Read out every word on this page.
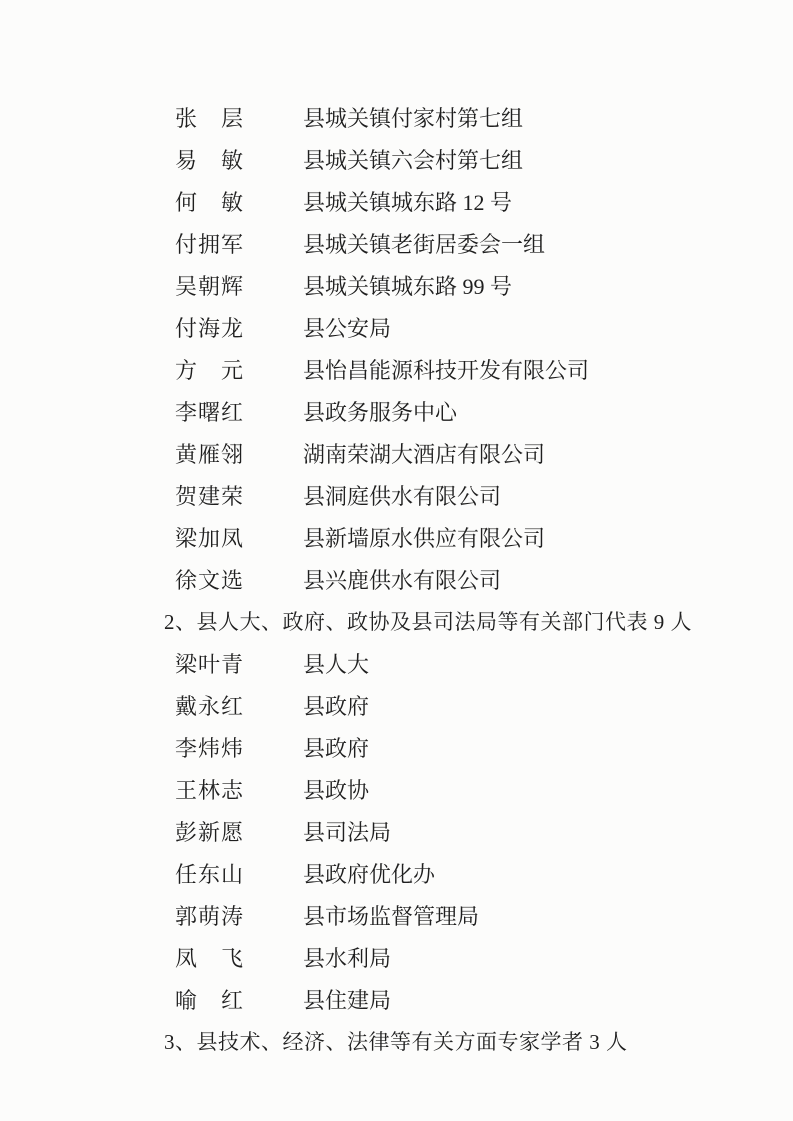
张　层	县城关镇付家村第七组
易　敏	县城关镇六会村第七组
何　敏	县城关镇城东路 12 号
付拥军	县城关镇老街居委会一组
吴朝辉	县城关镇城东路 99 号
付海龙	县公安局
方　元	县怡昌能源科技开发有限公司
李曙红	县政务服务中心
黄雁翎	湖南荣湖大酒店有限公司
贺建荣	县洞庭供水有限公司
梁加凤	县新墙原水供应有限公司
徐文选	县兴鹿供水有限公司
2、县人大、政府、政协及县司法局等有关部门代表 9 人
梁叶青	县人大
戴永红	县政府
李炜炜	县政府
王林志	县政协
彭新愿	县司法局
任东山	县政府优化办
郭萌涛	县市场监督管理局
凤　飞	县水利局
喻　红	县住建局
3、县技术、经济、法律等有关方面专家学者 3 人
